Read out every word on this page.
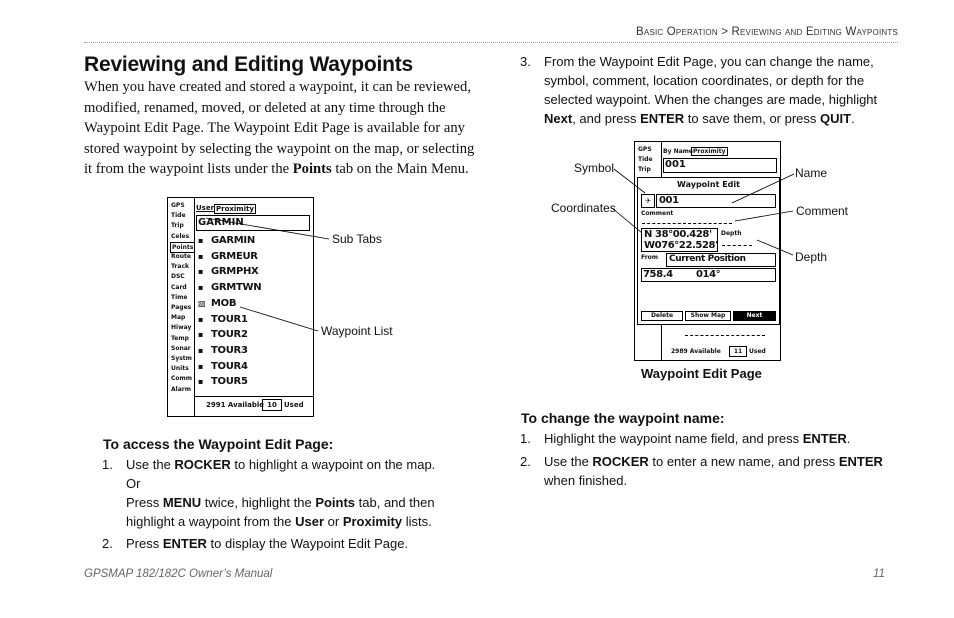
Basic Operation > Reviewing and Editing Waypoints
Reviewing and Editing Waypoints
When you have created and stored a waypoint, it can be reviewed, modified, renamed, moved, or deleted at any time through the Waypoint Edit Page. The Waypoint Edit Page is available for any stored waypoint by selecting the waypoint on the map, or selecting it from the waypoint lists under the Points tab on the Main Menu.
GPS
Tide
Trip
Celes
Points
Route
Track
DSC
Card
Time
Pages
Map
Hiway
Temp
Sonar
Systm
Units
Comm
Alarm
User Proximity
GARMIN
▪ GARMIN
▪ GRMEUR
▪ GRMPHX
▪ GRMTWN
▧ MOB
▪ TOUR1
▪ TOUR2
▪ TOUR3
▪ TOUR4
▪ TOUR5
2991 Available 10	Used
Sub Tabs
Waypoint List
To access the Waypoint Edit Page:
1. Use the ROCKER to highlight a waypoint on the map.
Or
Press MENU twice, highlight the Points tab, and then
highlight a waypoint from the User or Proximity lists.
2. Press ENTER to display the Waypoint Edit Page.
3. From the Waypoint Edit Page, you can change the name,
symbol, comment, location coordinates, or depth for the
selected waypoint. When the changes are made, highlight
Next, and press ENTER to save them, or press QUIT.
GPS
Tide
Trip
By Name Proximity
001
2989 Available	11	Used
Waypoint Edit
✈ 001
Comment
N 38°00.428'
W076°22.528'
Depth
From Current Position
758.4 014°
Delete	Show Map	Next
Waypoint Edit Page
Symbol
Coordinates
Name
Comment
Depth
To change the waypoint name:
1. Highlight the waypoint name field, and press ENTER.
2. Use the ROCKER to enter a new name, and press ENTER
when finished.
GPSMAP 182/182C Owner’s Manual	11
